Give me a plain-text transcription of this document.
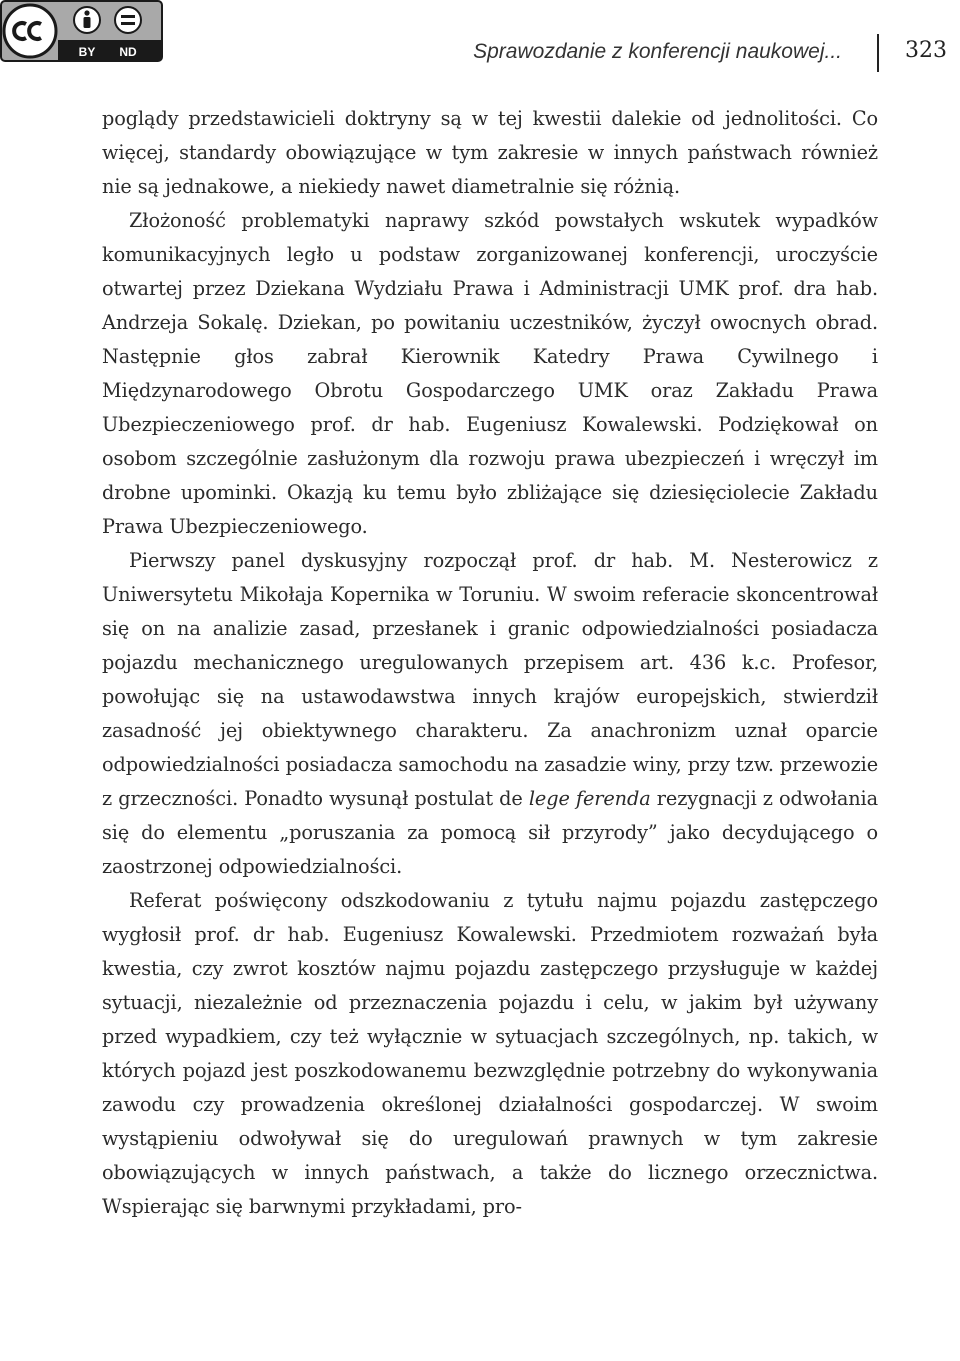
BY ND	Sprawozdanie z konferencji naukowej...	323

poglądy przedstawicieli doktryny są w tej kwestii dalekie od jednolitości. Co więcej, standardy obowiązujące w tym zakresie w innych państwach również nie są jednakowe, a niekiedy nawet diametralnie się różnią.

Złożoność problematyki naprawy szkód powstałych wskutek wypadków komunikacyjnych legło u podstaw zorganizowanej konferencji, uroczyście otwartej przez Dziekana Wydziału Prawa i Administracji UMK prof. dra hab. Andrzeja Sokalę. Dziekan, po powitaniu uczestników, życzył owocnych obrad. Następnie głos zabrał Kierownik Katedry Prawa Cywilnego i Międzynarodowego Obrotu Gospodarczego UMK oraz Zakładu Prawa Ubezpieczeniowego prof. dr hab. Eugeniusz Kowalewski. Podziękował on osobom szczególnie zasłużonym dla rozwoju prawa ubezpieczeń i wręczył im drobne upominki. Okazją ku temu było zbliżające się dziesięciolecie Zakładu Prawa Ubezpieczeniowego.

Pierwszy panel dyskusyjny rozpoczął prof. dr hab. M. Nesterowicz z Uniwersytetu Mikołaja Kopernika w Toruniu. W swoim referacie skoncentrował się on na analizie zasad, przesłanek i granic odpowiedzialności posiadacza pojazdu mechanicznego uregulowanych przepisem art. 436 k.c. Profesor, powołując się na ustawodawstwa innych krajów europejskich, stwierdził zasadność jej obiektywnego charakteru. Za anachronizm uznał oparcie odpowiedzialności posiadacza samochodu na zasadzie winy, przy tzw. przewozie z grzeczności. Ponadto wysunął postulat de lege ferenda rezygnacji z odwołania się do elementu „poruszania za pomocą sił przyrody” jako decydującego o zaostrzonej odpowiedzialności.

Referat poświęcony odszkodowaniu z tytułu najmu pojazdu zastępczego wygłosił prof. dr hab. Eugeniusz Kowalewski. Przedmiotem rozważań była kwestia, czy zwrot kosztów najmu pojazdu zastępczego przysługuje w każdej sytuacji, niezależnie od przeznaczenia pojazdu i celu, w jakim był używany przed wypadkiem, czy też wyłącznie w sytuacjach szczególnych, np. takich, w których pojazd jest poszkodowanemu bezwzględnie potrzebny do wykonywania zawodu czy prowadzenia określonej działalności gospodarczej. W swoim wystąpieniu odwoływał się do uregulowań prawnych w tym zakresie obowiązujących w innych państwach, a także do licznego orzecznictwa. Wspierając się barwnymi przykładami, pro-
